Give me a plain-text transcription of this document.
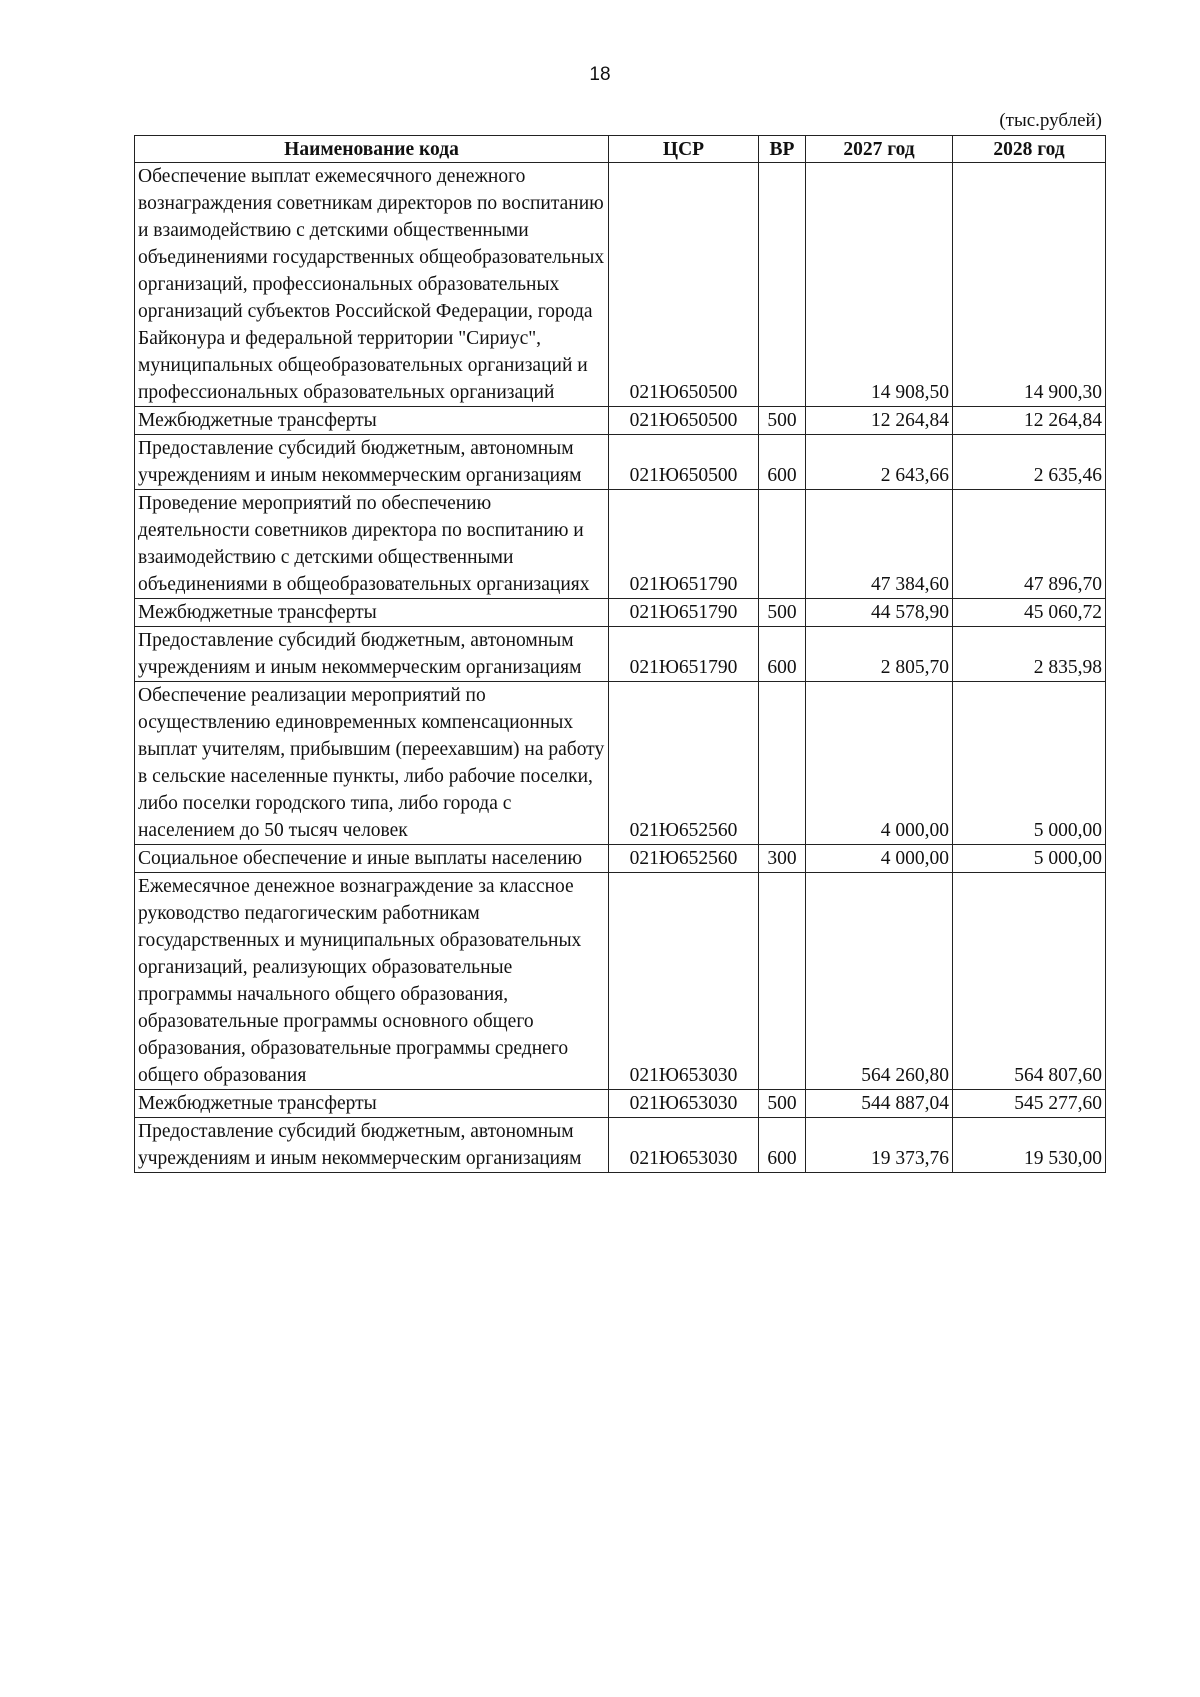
18
(тыс.рублей)
Наименование кода	ЦСР	ВР	2027 год	2028 год
Обеспечение выплат ежемесячного денежного вознаграждения советникам директоров по воспитанию и взаимодействию с детскими общественными объединениями государственных общеобразовательных организаций, профессиональных образовательных организаций субъектов Российской Федерации, города Байконура и федеральной территории "Сириус", муниципальных общеобразовательных организаций и профессиональных образовательных организаций	021Ю650500		14 908,50	14 900,30
Межбюджетные трансферты	021Ю650500	500	12 264,84	12 264,84
Предоставление субсидий бюджетным, автономным учреждениям и иным некоммерческим организациям	021Ю650500	600	2 643,66	2 635,46
Проведение мероприятий по обеспечению деятельности советников директора по воспитанию и взаимодействию с детскими общественными объединениями в общеобразовательных организациях	021Ю651790		47 384,60	47 896,70
Межбюджетные трансферты	021Ю651790	500	44 578,90	45 060,72
Предоставление субсидий бюджетным, автономным учреждениям и иным некоммерческим организациям	021Ю651790	600	2 805,70	2 835,98
Обеспечение реализации мероприятий по осуществлению единовременных компенсационных выплат учителям, прибывшим (переехавшим) на работу в сельские населенные пункты, либо рабочие поселки, либо поселки городского типа, либо города с населением до 50 тысяч человек	021Ю652560		4 000,00	5 000,00
Социальное обеспечение и иные выплаты населению	021Ю652560	300	4 000,00	5 000,00
Ежемесячное денежное вознаграждение за классное руководство педагогическим работникам государственных и муниципальных образовательных организаций, реализующих образовательные программы начального общего образования, образовательные программы основного общего образования, образовательные программы среднего общего образования	021Ю653030		564 260,80	564 807,60
Межбюджетные трансферты	021Ю653030	500	544 887,04	545 277,60
Предоставление субсидий бюджетным, автономным учреждениям и иным некоммерческим организациям	021Ю653030	600	19 373,76	19 530,00
